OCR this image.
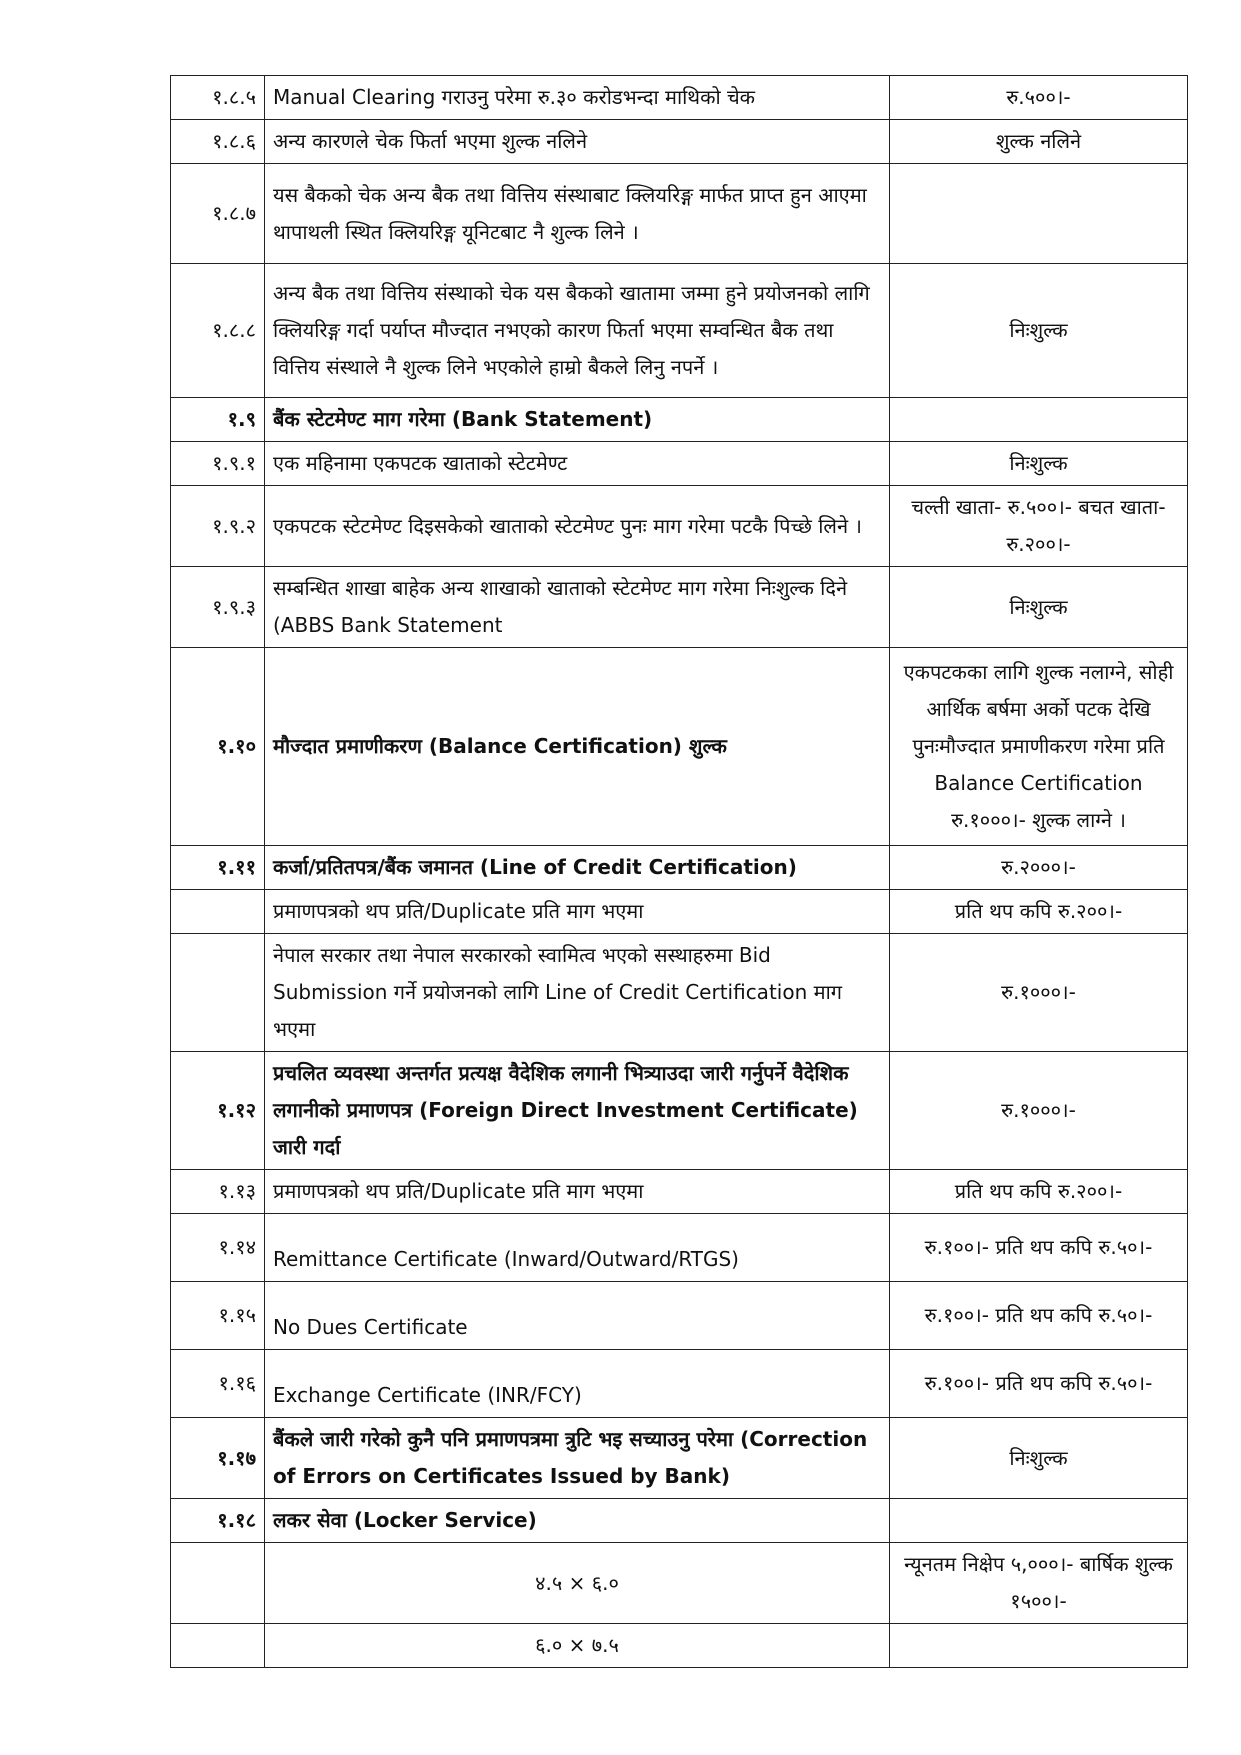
१.८.५	Manual Clearing गराउनु परेमा रु.३० करोडभन्दा माथिको चेक	रु.५००।-
१.८.६	अन्य कारणले चेक फिर्ता भएमा शुल्क नलिने	शुल्क नलिने
१.८.७	यस बैकको चेक अन्य बैक तथा वित्तिय संस्थाबाट क्लियरिङ्ग मार्फत प्राप्त हुन आएमा थापाथली स्थित क्लियरिङ्ग यूनिटबाट नै शुल्क लिने ।	
१.८.८	अन्य बैक तथा वित्तिय संस्थाको चेक यस बैकको खातामा जम्मा हुने प्रयोजनको लागि क्लियरिङ्ग गर्दा पर्याप्त मौज्दात नभएको कारण फिर्ता भएमा सम्वन्धित बैक तथा वित्तिय संस्थाले नै शुल्क लिने भएकोले हाम्रो बैकले लिनु नपर्ने ।	निःशुल्क
१.९	बैंक स्टेटमेण्ट माग गरेमा (Bank Statement)	
१.९.१	एक महिनामा एकपटक खाताको स्टेटमेण्ट	निःशुल्क
१.९.२	एकपटक स्टेटमेण्ट दिइसकेको खाताको स्टेटमेण्ट पुनः माग गरेमा पटकै पिच्छे लिने ।	चल्ती खाता- रु.५००।- बचत खाता- रु.२००।-
१.९.३	सम्बन्धित शाखा बाहेक अन्य शाखाको खाताको स्टेटमेण्ट माग गरेमा निःशुल्क दिने (ABBS Bank Statement	निःशुल्क
१.१०	मौज्दात प्रमाणीकरण (Balance Certification) शुल्क	एकपटकका लागि शुल्क नलाग्ने, सोही आर्थिक बर्षमा अर्को पटक देखि पुनःमौज्दात प्रमाणीकरण गरेमा प्रति Balance Certification रु.१०००।- शुल्क लाग्ने ।
१.११	कर्जा/प्रतितपत्र/बैंक जमानत (Line of Credit Certification)	रु.२०००।-
	प्रमाणपत्रको थप प्रति/Duplicate प्रति माग भएमा	प्रति थप कपि रु.२००।-
	नेपाल सरकार तथा नेपाल सरकारको स्वामित्व भएको सस्थाहरुमा Bid Submission गर्ने प्रयोजनको लागि Line of Credit Certification माग भएमा	रु.१०००।-
१.१२	प्रचलित व्यवस्था अन्तर्गत प्रत्यक्ष वैदेशिक लगानी भित्र्याउदा जारी गर्नुपर्ने वैदेशिक लगानीको प्रमाणपत्र (Foreign Direct Investment Certificate) जारी गर्दा	रु.१०००।-
१.१३	प्रमाणपत्रको थप प्रति/Duplicate प्रति माग भएमा	प्रति थप कपि रु.२००।-
१.१४	Remittance Certificate (Inward/Outward/RTGS)	रु.१००।- प्रति थप कपि रु.५०।-
१.१५	No Dues Certificate	रु.१००।- प्रति थप कपि रु.५०।-
१.१६	Exchange Certificate (INR/FCY)	रु.१००।- प्रति थप कपि रु.५०।-
१.१७	बैंकले जारी गरेको कुनै पनि प्रमाणपत्रमा त्रुटि भइ सच्याउनु परेमा (Correction of Errors on Certificates Issued by Bank)	निःशुल्क
१.१८	लकर सेवा (Locker Service)	
	४.५ × ६.०	न्यूनतम निक्षेप ५,०००।- बार्षिक शुल्क १५००।-
	६.० × ७.५	
